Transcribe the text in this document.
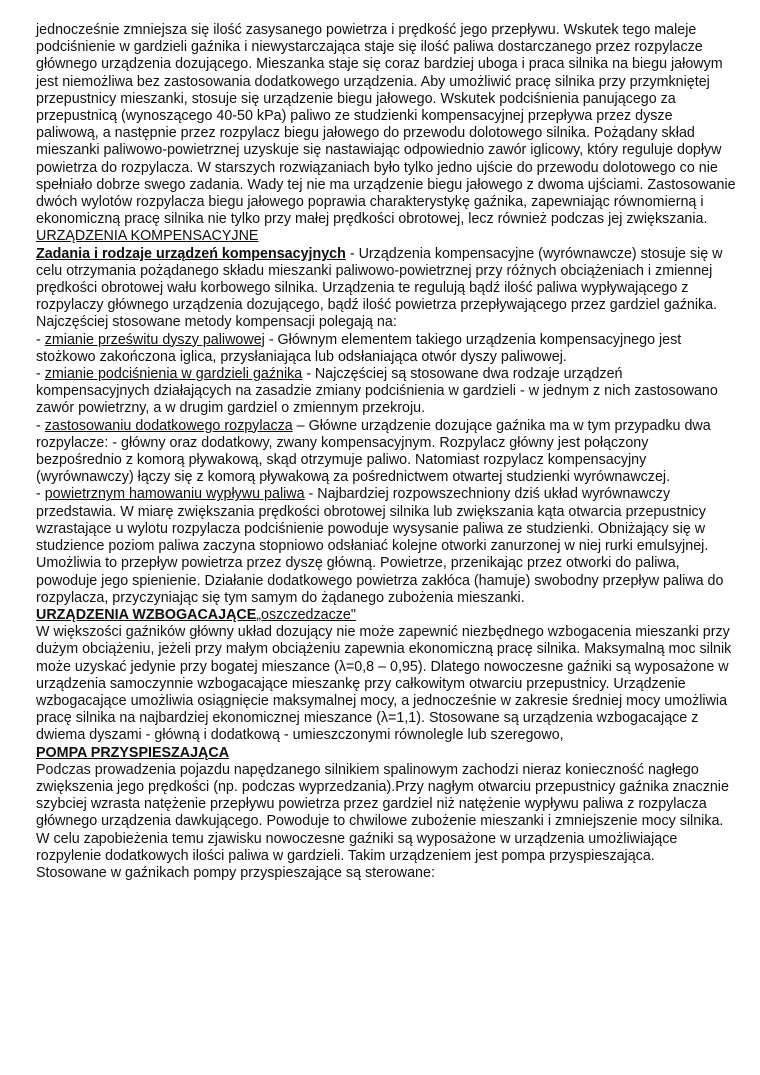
jednocześnie zmniejsza się ilość zasysanego powietrza i prędkość jego przepływu. Wskutek tego maleje podciśnienie w gardzieli gaźnika i niewystarczająca staje się ilość paliwa dostarczanego przez rozpylacze głównego urządzenia dozującego. Mieszanka staje się coraz bardziej uboga i praca silnika na biegu jałowym jest niemożliwa bez zastosowania dodatkowego urządzenia. Aby umożliwić pracę silnika przy przymkniętej przepustnicy mieszanki, stosuje się urządzenie biegu jałowego. Wskutek podciśnienia panującego za przepustnicą (wynoszącego 40-50 kPa) paliwo ze studzienki kompensacyjnej przepływa przez dysze paliwową, a następnie przez rozpylacz biegu jałowego do przewodu dolotowego silnika. Pożądany skład mieszanki paliwowo-powietrznej uzyskuje się nastawiając odpowiednio zawór iglicowy, który reguluje dopływ powietrza do rozpylacza. W starszych rozwiązaniach było tylko jedno ujście do przewodu dolotowego co nie spełniało dobrze swego zadania. Wady tej nie ma urządzenie biegu jałowego z dwoma ujściami. Zastosowanie dwóch wylotów rozpylacza biegu jałowego poprawia charakterystykę gaźnika, zapewniając równomierną i ekonomiczną pracę silnika nie tylko przy małej prędkości obrotowej, lecz również podczas jej zwiększania.

URZĄDZENIA KOMPENSACYJNE

Zadania i rodzaje urządzeń kompensacyjnych - Urządzenia kompensacyjne (wyrównawcze) stosuje się w celu otrzymania pożądanego składu mieszanki paliwowo-powietrznej przy różnych obciążeniach i zmiennej prędkości obrotowej wału korbowego silnika. Urządzenia te regulują bądź ilość paliwa wypływającego z rozpylaczy głównego urządzenia dozującego, bądź ilość powietrza przepływającego przez gardziel gaźnika.

Najczęściej stosowane metody kompensacji polegają na:

- zmianie prześwitu dyszy paliwowej - Głównym elementem takiego urządzenia kompensacyjnego jest stożkowo zakończona iglica, przysłaniająca lub odsłaniająca otwór dyszy paliwowej.

- zmianie podciśnienia w gardzieli gaźnika - Najczęściej są stosowane dwa rodzaje urządzeń kompensacyjnych działających na zasadzie zmiany podciśnienia w gardzieli - w jednym z nich zastosowano zawór powietrzny, a w drugim gardziel o zmiennym przekroju.

- zastosowaniu dodatkowego rozpylacza – Główne urządzenie dozujące gaźnika ma w tym przypadku dwa rozpylacze: - główny oraz dodatkowy, zwany kompensacyjnym. Rozpylacz główny jest połączony bezpośrednio z komorą pływakową, skąd otrzymuje paliwo. Natomiast rozpylacz kompensacyjny (wyrównawczy) łączy się z komorą pływakową za pośrednictwem otwartej studzienki wyrównawczej.

- powietrznym hamowaniu wypływu paliwa - Najbardziej rozpowszechniony dziś układ wyrównawczy przedstawia. W miarę zwiększania prędkości obrotowej silnika lub zwiększania kąta otwarcia przepustnicy wzrastające u wylotu rozpylacza podciśnienie powoduje wysysanie paliwa ze studzienki. Obniżający się w studzience poziom paliwa zaczyna stopniowo odsłaniać kolejne otworki zanurzonej w niej rurki emulsyjnej. Umożliwia to przepływ powietrza przez dyszę główną. Powietrze, przenikając przez otworki do paliwa, powoduje jego spienienie. Działanie dodatkowego powietrza zakłóca (hamuje) swobodny przepływ paliwa do rozpylacza, przyczyniając się tym samym do żądanego zubożenia mieszanki.

URZĄDZENIA WZBOGACAJĄCE„oszczedzacze"

W większości gaźników główny układ dozujący nie może zapewnić niezbędnego wzbogacenia mieszanki przy dużym obciążeniu, jeżeli przy małym obciążeniu zapewnia ekonomiczną pracę silnika. Maksymalną moc silnik może uzyskać jedynie przy bogatej mieszance (λ=0,8 – 0,95). Dlatego nowoczesne gaźniki są wyposażone w urządzenia samoczynnie wzbogacające mieszankę przy całkowitym otwarciu przepustnicy. Urządzenie wzbogacające umożliwia osiągnięcie maksymalnej mocy, a jednocześnie w zakresie średniej mocy umożliwia pracę silnika na najbardziej ekonomicznej mieszance (λ=1,1). Stosowane są urządzenia wzbogacające z dwiema dyszami - główną i dodatkową - umieszczonymi równolegle lub szeregowo,

POMPA PRZYSPIESZAJĄCA

Podczas prowadzenia pojazdu napędzanego silnikiem spalinowym zachodzi nieraz konieczność nagłego zwiększenia jego prędkości (np. podczas wyprzedzania).Przy nagłym otwarciu przepustnicy gaźnika znacznie szybciej wzrasta natężenie przepływu powietrza przez gardziel niż natężenie wypływu paliwa z rozpylacza głównego urządzenia dawkującego. Powoduje to chwilowe zubożenie mieszanki i zmniejszenie mocy silnika. W celu zapobieżenia temu zjawisku nowoczesne gaźniki są wyposażone w urządzenia umożliwiające rozpylenie dodatkowych ilości paliwa w gardzieli. Takim urządzeniem jest pompa przyspieszająca.

Stosowane w gaźnikach pompy przyspieszające są sterowane:
